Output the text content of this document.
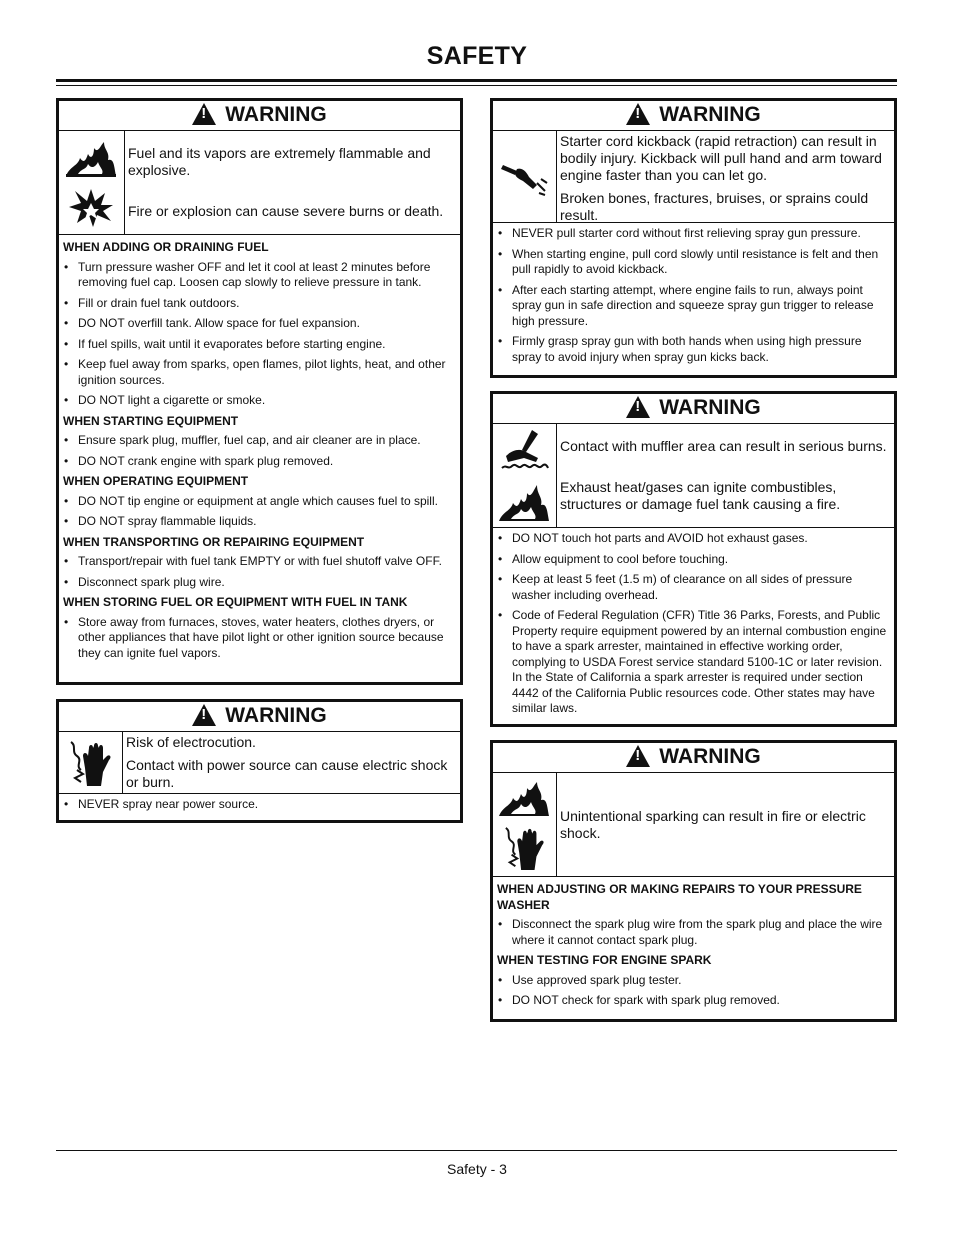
SAFETY
!
WARNING

Fuel and its vapors are extremely flammable and explosive.

Fire or explosion can cause severe burns or death.

WHEN ADDING OR DRAINING FUEL
• Turn pressure washer OFF and let it cool at least 2 minutes before removing fuel cap. Loosen cap slowly to relieve pressure in tank.
• Fill or drain fuel tank outdoors.
• DO NOT overfill tank. Allow space for fuel expansion.
• If fuel spills, wait until it evaporates before starting engine.
• Keep fuel away from sparks, open flames, pilot lights, heat, and other ignition sources.
• DO NOT light a cigarette or smoke.
WHEN STARTING EQUIPMENT
• Ensure spark plug, muffler, fuel cap, and air cleaner are in place.
• DO NOT crank engine with spark plug removed.
WHEN OPERATING EQUIPMENT
• DO NOT tip engine or equipment at angle which causes fuel to spill.
• DO NOT spray flammable liquids.
WHEN TRANSPORTING OR REPAIRING EQUIPMENT
• Transport/repair with fuel tank EMPTY or with fuel shutoff valve OFF.
• Disconnect spark plug wire.
WHEN STORING FUEL OR EQUIPMENT WITH FUEL IN TANK
• Store away from furnaces, stoves, water heaters, clothes dryers, or other appliances that have pilot light or other ignition source because they can ignite fuel vapors.
!
WARNING

Risk of electrocution.

Contact with power source can cause electric shock or burn.

• NEVER spray near power source.
!
WARNING

Starter cord kickback (rapid retraction) can result in bodily injury. Kickback will pull hand and arm toward engine faster than you can let go.

Broken bones, fractures, bruises, or sprains could result.

• NEVER pull starter cord without first relieving spray gun pressure.
• When starting engine, pull cord slowly until resistance is felt and then pull rapidly to avoid kickback.
• After each starting attempt, where engine fails to run, always point spray gun in safe direction and squeeze spray gun trigger to release high pressure.
• Firmly grasp spray gun with both hands when using high pressure spray to avoid injury when spray gun kicks back.
!
WARNING

Contact with muffler area can result in serious burns.

Exhaust heat/gases can ignite combustibles, structures or damage fuel tank causing a fire.

• DO NOT touch hot parts and AVOID hot exhaust gases.
• Allow equipment to cool before touching.
• Keep at least 5 feet (1.5 m) of clearance on all sides of pressure washer including overhead.
• Code of Federal Regulation (CFR) Title 36 Parks, Forests, and Public Property require equipment powered by an internal combustion engine to have a spark arrester, maintained in effective working order, complying to USDA Forest service standard 5100-1C or later revision. In the State of California a spark arrester is required under section 4442 of the California Public resources code. Other states may have similar laws.
!
WARNING

Unintentional sparking can result in fire or electric shock.

WHEN ADJUSTING OR MAKING REPAIRS TO YOUR PRESSURE WASHER
• Disconnect the spark plug wire from the spark plug and place the wire where it cannot contact spark plug.
WHEN TESTING FOR ENGINE SPARK
• Use approved spark plug tester.
• DO NOT check for spark with spark plug removed.
Safety - 3
